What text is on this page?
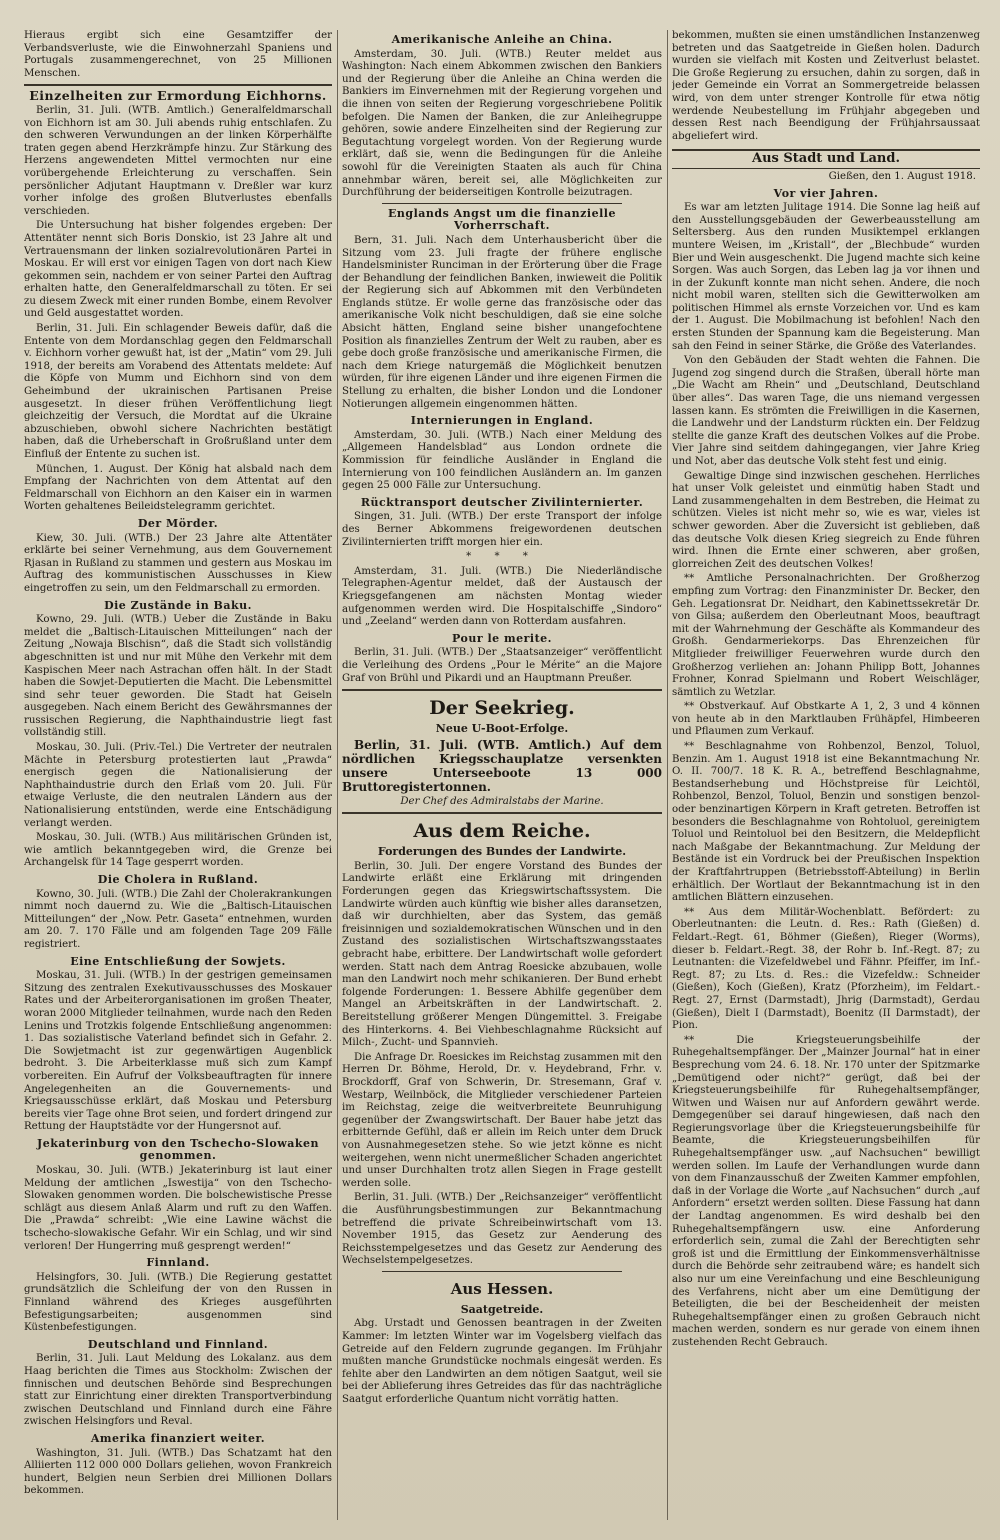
Hieraus ergibt sich eine Gesamtziffer der Verbandsverluste, wie die Einwohnerzahl Spaniens und Portugals zusammengerechnet, von 25 Millionen Menschen.

Einzelheiten zur Ermordung Eichhorns.

Berlin, 31. Juli. (WTB. Amtlich.) Generalfeldmarschall von Eichhorn ist am 30. Juli abends ruhig entschlafen. Zu den schweren Verwundungen an der linken Körperhälfte traten gegen abend Herzkrämpfe hinzu. Zur Stärkung des Herzens angewendeten Mittel vermochten nur eine vorübergehende Erleichterung zu verschaffen. Sein persönlicher Adjutant Hauptmann v. Dreßler war kurz vorher infolge des großen Blutverlustes ebenfalls verschieden.

Die Untersuchung hat bisher folgendes ergeben: Der Attentäter nennt sich Boris Donskio, ist 23 Jahre alt und Vertrauensmann der linken sozialrevolutionären Partei in Moskau. Er will erst vor einigen Tagen von dort nach Kiew gekommen sein, nachdem er von seiner Partei den Auftrag erhalten hatte, den Generalfeldmarschall zu töten. Er sei zu diesem Zweck mit einer runden Bombe, einem Revolver und Geld ausgestattet worden.

Berlin, 31. Juli. Ein schlagender Beweis dafür, daß die Entente von dem Mordanschlag gegen den Feldmarschall v. Eichhorn vorher gewußt hat, ist der „Matin“ vom 29. Juli 1918, der bereits am Vorabend des Attentats meldete: Auf die Köpfe von Mumm und Eichhorn sind von dem Geheimbund der ukrainischen Partisanen Preise ausgesetzt. In dieser frühen Veröffentlichung liegt gleichzeitig der Versuch, die Mordtat auf die Ukraine abzuschieben, obwohl sichere Nachrichten bestätigt haben, daß die Urheberschaft in Großrußland unter dem Einfluß der Entente zu suchen ist.

München, 1. August. Der König hat alsbald nach dem Empfang der Nachrichten von dem Attentat auf den Feldmarschall von Eichhorn an den Kaiser ein in warmen Worten gehaltenes Beileidstelegramm gerichtet.

Der Mörder.

Kiew, 30. Juli. (WTB.) Der 23 Jahre alte Attentäter erklärte bei seiner Vernehmung, aus dem Gouvernement Rjasan in Rußland zu stammen und gestern aus Moskau im Auftrag des kommunistischen Ausschusses in Kiew eingetroffen zu sein, um den Feldmarschall zu ermorden.

Die Zustände in Baku.

Kowno, 29. Juli. (WTB.) Ueber die Zustände in Baku meldet die „Baltisch-Litauischen Mitteilungen“ nach der Zeitung „Nowaja Blschisn“, daß die Stadt sich vollständig abgeschnitten ist und nur mit Mühe den Verkehr mit dem Kaspischen Meer nach Astrachan offen hält. In der Stadt haben die Sowjet-Deputierten die Macht. Die Lebensmittel sind sehr teuer geworden. Die Stadt hat Geiseln ausgegeben. Nach einem Bericht des Gewährsmannes der russischen Regierung, die Naphthaindustrie liegt fast vollständig still.

Moskau, 30. Juli. (Priv.-Tel.) Die Vertreter der neutralen Mächte in Petersburg protestierten laut „Prawda“ energisch gegen die Nationalisierung der Naphthaindustrie durch den Erlaß vom 20. Juli. Für etwaige Verluste, die den neutralen Ländern aus der Nationalisierung entstünden, werde eine Entschädigung verlangt werden.

Moskau, 30. Juli. (WTB.) Aus militärischen Gründen ist, wie amtlich bekanntgegeben wird, die Grenze bei Archangelsk für 14 Tage gesperrt worden.

Die Cholera in Rußland.

Kowno, 30. Juli. (WTB.) Die Zahl der Cholerakrankungen nimmt noch dauernd zu. Wie die „Baltisch-Litauischen Mitteilungen“ der „Now. Petr. Gaseta“ entnehmen, wurden am 20. 7. 170 Fälle und am folgenden Tage 209 Fälle registriert.

Eine Entschließung der Sowjets.

Moskau, 31. Juli. (WTB.) In der gestrigen gemeinsamen Sitzung des zentralen Exekutivausschusses des Moskauer Rates und der Arbeiterorganisationen im großen Theater, woran 2000 Mitglieder teilnahmen, wurde nach den Reden Lenins und Trotzkis folgende Entschließung angenommen: 1. Das sozialistische Vaterland befindet sich in Gefahr. 2. Die Sowjetmacht ist zur gegenwärtigen Augenblick bedroht. 3. Die Arbeiterklasse muß sich zum Kampf vorbereiten. Ein Aufruf der Volksbeauftragten für innere Angelegenheiten an die Gouvernements- und Kriegsausschüsse erklärt, daß Moskau und Petersburg bereits vier Tage ohne Brot seien, und fordert dringend zur Rettung der Hauptstädte vor der Hungersnot auf.

Jekaterinburg von den Tschecho-Slowaken genommen.

Moskau, 30. Juli. (WTB.) Jekaterinburg ist laut einer Meldung der amtlichen „Iswestija“ von den Tschecho-Slowaken genommen worden. Die bolschewistische Presse schlägt aus diesem Anlaß Alarm und ruft zu den Waffen. Die „Prawda“ schreibt: „Wie eine Lawine wächst die tschecho-slowakische Gefahr. Wir ein Schlag, und wir sind verloren! Der Hungerring muß gesprengt werden!“

Finnland.

Helsingfors, 30. Juli. (WTB.) Die Regierung gestattet grundsätzlich die Schleifung der von den Russen in Finnland während des Krieges ausgeführten Befestigungsarbeiten; ausgenommen sind Küstenbefestigungen.

Deutschland und Finnland.

Berlin, 31. Juli. Laut Meldung des Lokalanz. aus dem Haag berichten die Times aus Stockholm: Zwischen der finnischen und deutschen Behörde sind Besprechungen statt zur Einrichtung einer direkten Transportverbindung zwischen Deutschland und Finnland durch eine Fähre zwischen Helsingfors und Reval.

Amerika finanziert weiter.

Washington, 31. Juli. (WTB.) Das Schatzamt hat den Alliierten 112 000 000 Dollars geliehen, wovon Frankreich hundert, Belgien neun Serbien drei Millionen Dollars bekommen.

Amerikanische Anleihe an China.

Amsterdam, 30. Juli. (WTB.) Reuter meldet aus Washington: Nach einem Abkommen zwischen den Bankiers und der Regierung über die Anleihe an China werden die Bankiers im Einvernehmen mit der Regierung vorgehen und die ihnen von seiten der Regierung vorgeschriebene Politik befolgen. Die Namen der Banken, die zur Anleihegruppe gehören, sowie andere Einzelheiten sind der Regierung zur Begutachtung vorgelegt worden. Von der Regierung wurde erklärt, daß sie, wenn die Bedingungen für die Anleihe sowohl für die Vereinigten Staaten als auch für China annehmbar wären, bereit sei, alle Möglichkeiten zur Durchführung der beiderseitigen Kontrolle beizutragen.

Englands Angst um die finanzielle Vorherrschaft.

Bern, 31. Juli. Nach dem Unterhausbericht über die Sitzung vom 23. Juli fragte der frühere englische Handelsminister Runciman in der Erörterung über die Frage der Behandlung der feindlichen Banken, inwieweit die Politik der Regierung sich auf Abkommen mit den Verbündeten Englands stütze. Er wolle gerne das französische oder das amerikanische Volk nicht beschuldigen, daß sie eine solche Absicht hätten, England seine bisher unangefochtene Position als finanzielles Zentrum der Welt zu rauben, aber es gebe doch große französische und amerikanische Firmen, die nach dem Kriege naturgemäß die Möglichkeit benutzen würden, für ihre eigenen Länder und ihre eigenen Firmen die Stellung zu erhalten, die bisher London und die Londoner Notierungen allgemein eingenommen hätten.

Internierungen in England.

Amsterdam, 30. Juli. (WTB.) Nach einer Meldung des „Allgemeen Handelsblad“ aus London ordnete die Kommission für feindliche Ausländer in England die Internierung von 100 feindlichen Ausländern an. Im ganzen gegen 25 000 Fälle zur Untersuchung.

Rücktransport deutscher Zivilinternierter.

Singen, 31. Juli. (WTB.) Der erste Transport der infolge des Berner Abkommens freigewordenen deutschen Zivilinternierten trifft morgen hier ein.

* * *

Amsterdam, 31. Juli. (WTB.) Die Niederländische Telegraphen-Agentur meldet, daß der Austausch der Kriegsgefangenen am nächsten Montag wieder aufgenommen werden wird. Die Hospitalschiffe „Sindoro“ und „Zeeland“ werden dann von Rotterdam ausfahren.

Pour le merite.

Berlin, 31. Juli. (WTB.) Der „Staatsanzeiger“ veröffentlicht die Verleihung des Ordens „Pour le Mérite“ an die Majore Graf von Brühl und Pikardi und an Hauptmann Preußer.

Der Seekrieg.
Neue U-Boot-Erfolge.

Berlin, 31. Juli. (WTB. Amtlich.) Auf dem nördlichen Kriegsschauplatze versenkten unsere Unterseeboote 13 000 Bruttoregistertonnen.

Der Chef des Admiralstabs der Marine.
Aus dem Reiche.
Forderungen des Bundes der Landwirte.

Berlin, 30. Juli. Der engere Vorstand des Bundes der Landwirte erläßt eine Erklärung mit dringenden Forderungen gegen das Kriegswirtschaftssystem. Die Landwirte würden auch künftig wie bisher alles daransetzen, daß wir durchhielten, aber das System, das gemäß freisinnigen und sozialdemokratischen Wünschen und in den Zustand des sozialistischen Wirtschaftszwangsstaates gebracht habe, erbittere. Der Landwirtschaft wolle gefordert werden. Statt nach dem Antrag Roesicke abzubauen, wolle man den Landwirt noch mehr schikanieren. Der Bund erhebt folgende Forderungen: 1. Bessere Abhilfe gegenüber dem Mangel an Arbeitskräften in der Landwirtschaft. 2. Bereitstellung größerer Mengen Düngemittel. 3. Freigabe des Hinterkorns. 4. Bei Viehbeschlagnahme Rücksicht auf Milch-, Zucht- und Spannvieh.

Die Anfrage Dr. Roesickes im Reichstag zusammen mit den Herren Dr. Böhme, Herold, Dr. v. Heydebrand, Frhr. v. Brockdorff, Graf von Schwerin, Dr. Stresemann, Graf v. Westarp, Weilnböck, die Mitglieder verschiedener Parteien im Reichstag, zeige die weitverbreitete Beunruhigung gegenüber der Zwangswirtschaft. Der Bauer habe jetzt das erbitternde Gefühl, daß er allein im Reich unter dem Druck von Ausnahmegesetzen stehe. So wie jetzt könne es nicht weitergehen, wenn nicht unermeßlicher Schaden angerichtet und unser Durchhalten trotz allen Siegen in Frage gestellt werden solle.

Berlin, 31. Juli. (WTB.) Der „Reichsanzeiger“ veröffentlicht die Ausführungsbestimmungen zur Bekanntmachung betreffend die private Schreibeinwirtschaft vom 13. November 1915, das Gesetz zur Aenderung des Reichsstempelgesetzes und das Gesetz zur Aenderung des Wechselstempelgesetzes.

Aus Hessen.
Saatgetreide.

Abg. Urstadt und Genossen beantragen in der Zweiten Kammer: Im letzten Winter war im Vogelsberg vielfach das Getreide auf den Feldern zugrunde gegangen. Im Frühjahr mußten manche Grundstücke nochmals eingesät werden. Es fehlte aber den Landwirten an dem nötigen Saatgut, weil sie bei der Ablieferung ihres Getreides das für das nachträgliche Saatgut erforderliche Quantum nicht vorrätig hatten.

bekommen, mußten sie einen umständlichen Instanzenweg betreten und das Saatgetreide in Gießen holen. Dadurch wurden sie vielfach mit Kosten und Zeitverlust belastet. Die Große Regierung zu ersuchen, dahin zu sorgen, daß in jeder Gemeinde ein Vorrat an Sommergetreide belassen wird, von dem unter strenger Kontrolle für etwa nötig werdende Neubestellung im Frühjahr abgegeben und dessen Rest nach Beendigung der Frühjahrsaussaat abgeliefert wird.

Aus Stadt und Land.
Gießen, den 1. August 1918.
Vor vier Jahren.

Es war am letzten Julitage 1914. Die Sonne lag heiß auf den Ausstellungsgebäuden der Gewerbeausstellung am Seltersberg. Aus den runden Musiktempel erklangen muntere Weisen, im „Kristall“, der „Blechbude“ wurden Bier und Wein ausgeschenkt. Die Jugend machte sich keine Sorgen. Was auch Sorgen, das Leben lag ja vor ihnen und in der Zukunft konnte man nicht sehen. Andere, die noch nicht mobil waren, stellten sich die Gewitterwolken am politischen Himmel als ernste Vorzeichen vor. Und es kam der 1. August. Die Mobilmachung ist befohlen! Nach den ersten Stunden der Spannung kam die Begeisterung. Man sah den Feind in seiner Stärke, die Größe des Vaterlandes.

Von den Gebäuden der Stadt wehten die Fahnen. Die Jugend zog singend durch die Straßen, überall hörte man „Die Wacht am Rhein“ und „Deutschland, Deutschland über alles“. Das waren Tage, die uns niemand vergessen lassen kann. Es strömten die Freiwilligen in die Kasernen, die Landwehr und der Landsturm rückten ein. Der Feldzug stellte die ganze Kraft des deutschen Volkes auf die Probe. Vier Jahre sind seitdem dahingegangen, vier Jahre Krieg und Not, aber das deutsche Volk steht fest und einig.

Gewaltige Dinge sind inzwischen geschehen. Herrliches hat unser Volk geleistet und einmütig haben Stadt und Land zusammengehalten in dem Bestreben, die Heimat zu schützen. Vieles ist nicht mehr so, wie es war, vieles ist schwer geworden. Aber die Zuversicht ist geblieben, daß das deutsche Volk diesen Krieg siegreich zu Ende führen wird. Ihnen die Ernte einer schweren, aber großen, glorreichen Zeit des deutschen Volkes!

** Amtliche Personalnachrichten. Der Großherzog empfing zum Vortrag: den Finanzminister Dr. Becker, den Geh. Legationsrat Dr. Neidhart, den Kabinettssekretär Dr. von Gilsa; außerdem den Oberleutnant Moos, beauftragt mit der Wahrnehmung der Geschäfte als Kommandeur des Großh. Gendarmeriekorps. Das Ehrenzeichen für Mitglieder freiwilliger Feuerwehren wurde durch den Großherzog verliehen an: Johann Philipp Bott, Johannes Frohner, Konrad Spielmann und Robert Weischläger, sämtlich zu Wetzlar.

** Obstverkauf. Auf Obstkarte A 1, 2, 3 und 4 können von heute ab in den Marktlauben Frühäpfel, Himbeeren und Pflaumen zum Verkauf.

** Beschlagnahme von Rohbenzol, Benzol, Toluol, Benzin. Am 1. August 1918 ist eine Bekanntmachung Nr. O. II. 700/7. 18 K. R. A., betreffend Beschlagnahme, Bestandserhebung und Höchstpreise für Leichtöl, Rohbenzol, Benzol, Toluol, Benzin und sonstigen benzol- oder benzinartigen Körpern in Kraft getreten. Betroffen ist besonders die Beschlagnahme von Rohtoluol, gereinigtem Toluol und Reintoluol bei den Besitzern, die Meldepflicht nach Maßgabe der Bekanntmachung. Zur Meldung der Bestände ist ein Vordruck bei der Preußischen Inspektion der Kraftfahrtruppen (Betriebsstoff-Abteilung) in Berlin erhältlich. Der Wortlaut der Bekanntmachung ist in den amtlichen Blättern einzusehen.

** Aus dem Militär-Wochenblatt. Befördert: zu Oberleutnanten: die Leutn. d. Res.: Rath (Gießen) d. Feldart.-Regt. 61, Böhmer (Gießen), Rieger (Worms), dieser b. Feldart.-Regt. 38, der Rohr b. Inf.-Regt. 87; zu Leutnanten: die Vizefeldwebel und Fähnr. Pfeiffer, im Inf.-Regt. 87; zu Lts. d. Res.: die Vizefeldw.: Schneider (Gießen), Koch (Gießen), Kratz (Pforzheim), im Feldart.-Regt. 27, Ernst (Darmstadt), Jhrig (Darmstadt), Gerdau (Gießen), Dielt I (Darmstadt), Boenitz (II Darmstadt), der Pion.

** Die Kriegsteuerungsbeihilfe der Ruhegehaltsempfänger. Der „Mainzer Journal“ hat in einer Besprechung vom 24. 6. 18. Nr. 170 unter der Spitzmarke „Demütigend oder nicht?“ gerügt, daß bei der Kriegsteuerungsbeihilfe für Ruhegehaltsempfänger, Witwen und Waisen nur auf Anfordern gewährt werde. Demgegenüber sei darauf hingewiesen, daß nach den Regierungsvorlage über die Kriegsteuerungsbeihilfe für Beamte, die Kriegsteuerungsbeihilfen für Ruhegehaltsempfänger usw. „auf Nachsuchen“ bewilligt werden sollen. Im Laufe der Verhandlungen wurde dann von dem Finanzausschuß der Zweiten Kammer empfohlen, daß in der Vorlage die Worte „auf Nachsuchen“ durch „auf Anfordern“ ersetzt werden sollten. Diese Fassung hat dann der Landtag angenommen. Es wird deshalb bei den Ruhegehaltsempfängern usw. eine Anforderung erforderlich sein, zumal die Zahl der Berechtigten sehr groß ist und die Ermittlung der Einkommensverhältnisse durch die Behörde sehr zeitraubend wäre; es handelt sich also nur um eine Vereinfachung und eine Beschleunigung des Verfahrens, nicht aber um eine Demütigung der Beteiligten, die bei der Bescheidenheit der meisten Ruhegehaltsempfänger einen zu großen Gebrauch nicht machen werden, sondern es nur gerade von einem ihnen zustehenden Recht Gebrauch.
